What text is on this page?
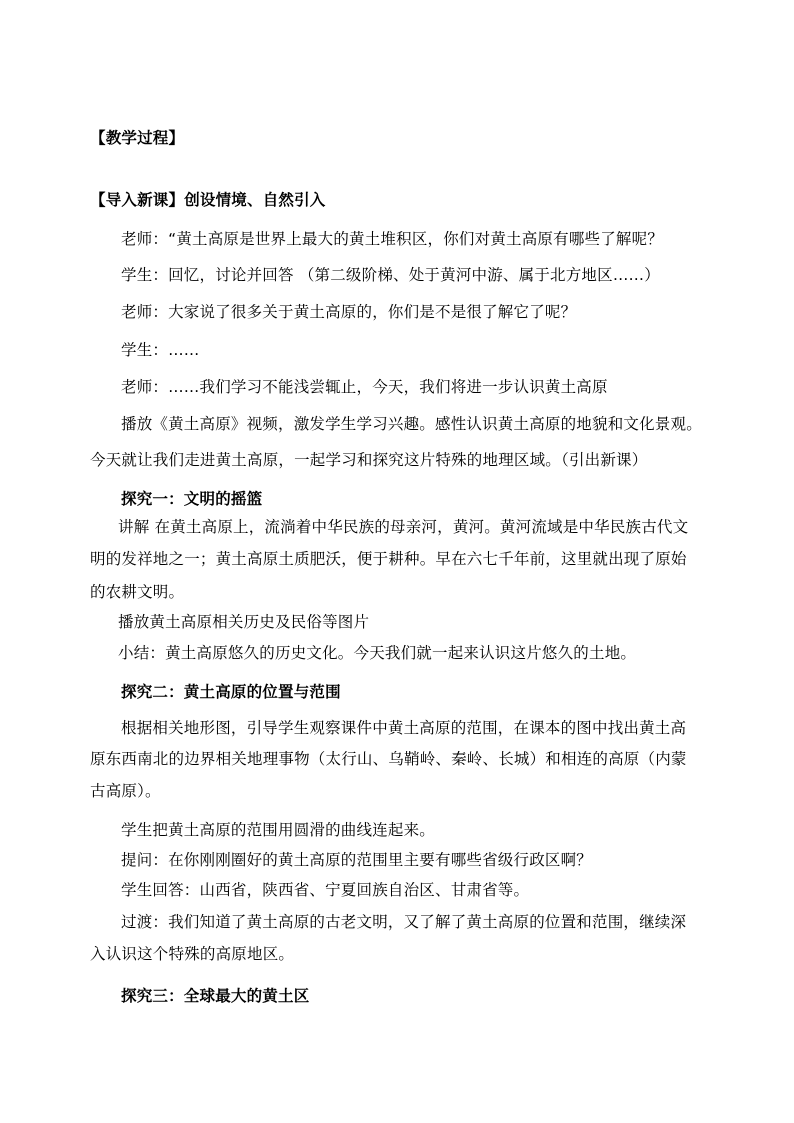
【教学过程】
【导入新课】创设情境、自然引入
老师：“黄土高原是世界上最大的黄土堆积区，你们对黄土高原有哪些了解呢？
学生：回忆，讨论并回答 （第二级阶梯、处于黄河中游、属于北方地区……）
老师：大家说了很多关于黄土高原的，你们是不是很了解它了呢？
学生：……
老师：……我们学习不能浅尝辄止，今天，我们将进一步认识黄土高原
播放《黄土高原》视频，激发学生学习兴趣。感性认识黄土高原的地貌和文化景观。
今天就让我们走进黄土高原，一起学习和探究这片特殊的地理区域。（引出新课）
探究一：文明的摇篮
讲解 在黄土高原上，流淌着中华民族的母亲河，黄河。黄河流域是中华民族古代文
明的发祥地之一；黄土高原土质肥沃，便于耕种。早在六七千年前，这里就出现了原始
的农耕文明。
播放黄土高原相关历史及民俗等图片
小结：黄土高原悠久的历史文化。今天我们就一起来认识这片悠久的土地。
探究二：黄土高原的位置与范围
根据相关地形图，引导学生观察课件中黄土高原的范围，在课本的图中找出黄土高
原东西南北的边界相关地理事物（太行山、乌鞘岭、秦岭、长城）和相连的高原（内蒙
古高原）。
学生把黄土高原的范围用圆滑的曲线连起来。
提问：在你刚刚圈好的黄土高原的范围里主要有哪些省级行政区啊？
学生回答：山西省，陕西省、宁夏回族自治区、甘肃省等。
过渡：我们知道了黄土高原的古老文明，又了解了黄土高原的位置和范围，继续深
入认识这个特殊的高原地区。
探究三：全球最大的黄土区
